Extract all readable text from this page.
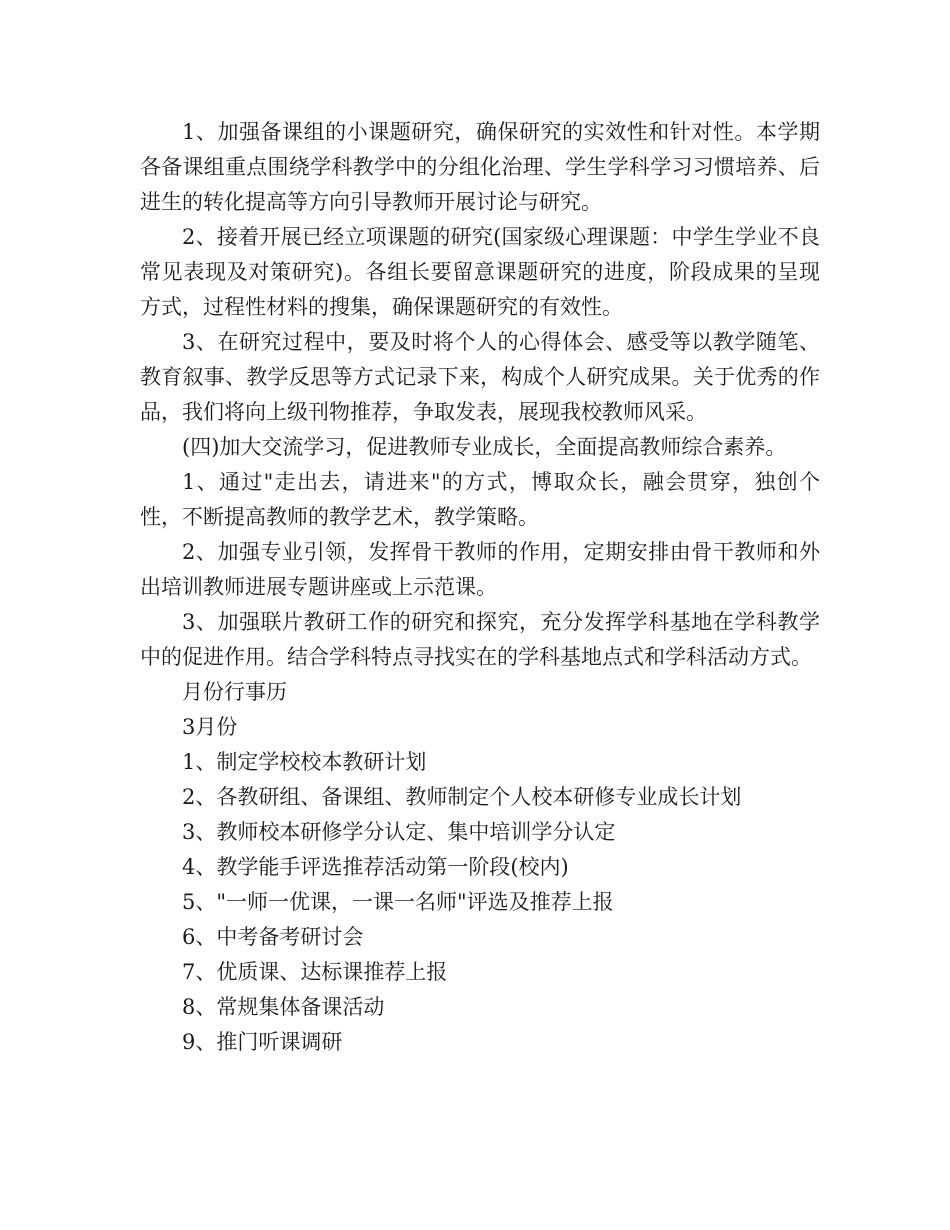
1、加强备课组的小课题研究，确保研究的实效性和针对性。本学期各备课组重点围绕学科教学中的分组化治理、学生学科学习习惯培养、后进生的转化提高等方向引导教师开展讨论与研究。

2、接着开展已经立项课题的研究(国家级心理课题：中学生学业不良常见表现及对策研究)。各组长要留意课题研究的进度，阶段成果的呈现方式，过程性材料的搜集，确保课题研究的有效性。

3、在研究过程中，要及时将个人的心得体会、感受等以教学随笔、教育叙事、教学反思等方式记录下来，构成个人研究成果。关于优秀的作品，我们将向上级刊物推荐，争取发表，展现我校教师风采。

(四)加大交流学习，促进教师专业成长，全面提高教师综合素养。

1、通过"走出去，请进来"的方式，博取众长，融会贯穿，独创个性，不断提高教师的教学艺术，教学策略。

2、加强专业引领，发挥骨干教师的作用，定期安排由骨干教师和外出培训教师进展专题讲座或上示范课。

3、加强联片教研工作的研究和探究，充分发挥学科基地在学科教学中的促进作用。结合学科特点寻找实在的学科基地点式和学科活动方式。

月份行事历

3月份

1、制定学校校本教研计划

2、各教研组、备课组、教师制定个人校本研修专业成长计划

3、教师校本研修学分认定、集中培训学分认定

4、教学能手评选推荐活动第一阶段(校内)

5、"一师一优课，一课一名师"评选及推荐上报

6、中考备考研讨会

7、优质课、达标课推荐上报

8、常规集体备课活动

9、推门听课调研
